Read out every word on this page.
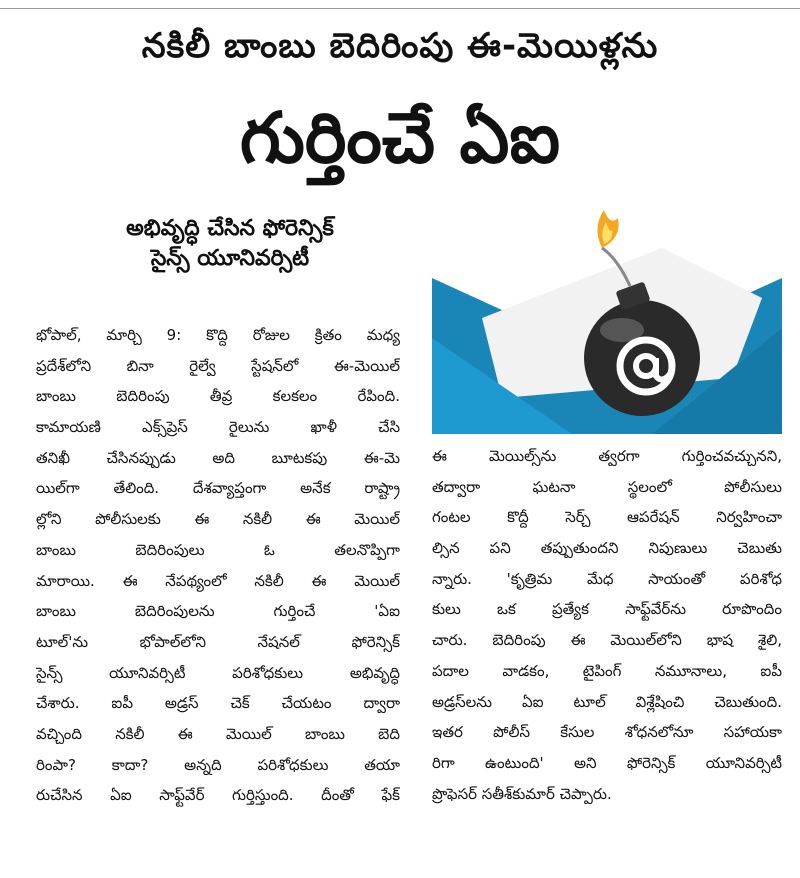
నకిలీ బాంబు బెదిరింపు ఈ-మెయిళ్లను
గుర్తించే ఏఐ
అభివృద్ధి చేసిన ఫోరెన్సిక్
సైన్స్ యూనివర్సిటీ
భోపాల్, మార్చి 9: కొద్ది రోజుల క్రితం మధ్య
ప్రదేశ్‌లోని బినా రైల్వే స్టేషన్‌లో ఈ-మెయిల్
బాంబు బెదిరింపు తీవ్ర కలకలం రేపింది.
కామాయణి ఎక్స్‌ప్రెస్ రైలును ఖాళీ చేసి
తనిఖీ చేసినప్పుడు అది బూటకపు ఈ-మె
యిల్‌గా తేలింది. దేశవ్యాప్తంగా అనేక రాష్ట్రా
ల్లోని పోలీసులకు ఈ నకిలీ ఈ మెయిల్
బాంబు బెదిరింపులు ఓ తలనొప్పిగా
మారాయి. ఈ నేపథ్యంలో నకిలీ ఈ మెయిల్
బాంబు బెదిరింపులను గుర్తించే 'ఏఐ
టూల్'ను భోపాల్‌లోని నేషనల్ ఫోరెన్సిక్
సైన్స్ యూనివర్సిటీ పరిశోధకులు అభివృద్ధి
చేశారు. ఐపీ అడ్రస్ చెక్ చేయటం ద్వారా
వచ్చింది నకిలీ ఈ మెయిల్ బాంబు బెది
రింపా? కాదా? అన్నది పరిశోధకులు తయా
రుచేసిన ఏఐ సాఫ్ట్‌వేర్ గుర్తిస్తుంది. దీంతో ఫేక్
ఈ మెయిల్స్‌ను త్వరగా గుర్తించవచ్చునని,
తద్వారా ఘటనా స్థలంలో పోలీసులు
గంటల కొద్దీ సెర్చ్ ఆపరేషన్ నిర్వహించా
ల్సిన పని తప్పుతుందని నిపుణులు చెబుతు
న్నారు. 'కృత్రిమ మేధ సాయంతో పరిశోధ
కులు ఒక ప్రత్యేక సాఫ్ట్‌వేర్‌ను రూపొందిం
చారు. బెదిరింపు ఈ మెయిల్‌లోని భాష శైలి,
పదాల వాడకం, టైపింగ్ నమూనాలు, ఐపీ
అడ్రస్‌లను ఏఐ టూల్ విశ్లేషించి చెబుతుంది.
ఇతర పోలీస్ కేసుల శోధనలోనూ సహాయకా
రిగా ఉంటుంది' అని ఫోరెన్సిక్ యూనివర్సిటీ
ప్రొఫెసర్ సతీశ్‌కుమార్ చెప్పారు.
